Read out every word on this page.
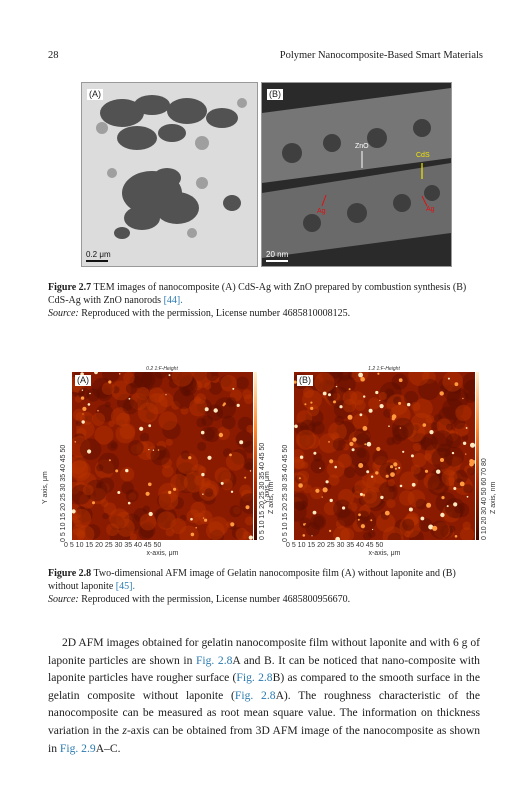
28	Polymer Nanocomposite-Based Smart Materials
(A)
0.2 μm
(B)
ZnO
CdS
Ag	Ag
20 nm
Figure 2.7 TEM images of nanocomposite (A) CdS-Ag with ZnO prepared by combustion synthesis (B) CdS-Ag with ZnO nanorods [44].
Source: Reproduced with the permission, License number 4685810008125.
0.2 1:F-Height
Y axis, μm 0 5 10 15 20 25 30 35 40 45 50
(A)
0 5 10 15 20 25 30 35 40 45 50 Z axis, nm
0 5 10 15 20 25 30 35 40 45 50
x-axis, μm
1.2 1:F-Height
Y axis, μm 0 5 10 15 20 25 30 35 40 45 50
(B)
0 10 20 30 40 50 60 70 80 Z axis, nm
0 5 10 15 20 25 30 35 40 45 50
x-axis, μm
Figure 2.8 Two-dimensional AFM image of Gelatin nanocomposite film (A) without laponite and (B) without laponite [45].
Source: Reproduced with the permission, License number 4685800956670.

2D AFM images obtained for gelatin nanocomposite film without laponite and with 6 g of laponite particles are shown in Fig. 2.8A and B. It can be noticed that nano-composite with laponite particles have rougher surface (Fig. 2.8B) as compared to the smooth surface in the gelatin composite without laponite (Fig. 2.8A). The roughness characteristic of the nanocomposite can be measured as root mean square value. The information on thickness variation in the z-axis can be obtained from 3D AFM image of the nanocomposite as shown in Fig. 2.9A–C.
